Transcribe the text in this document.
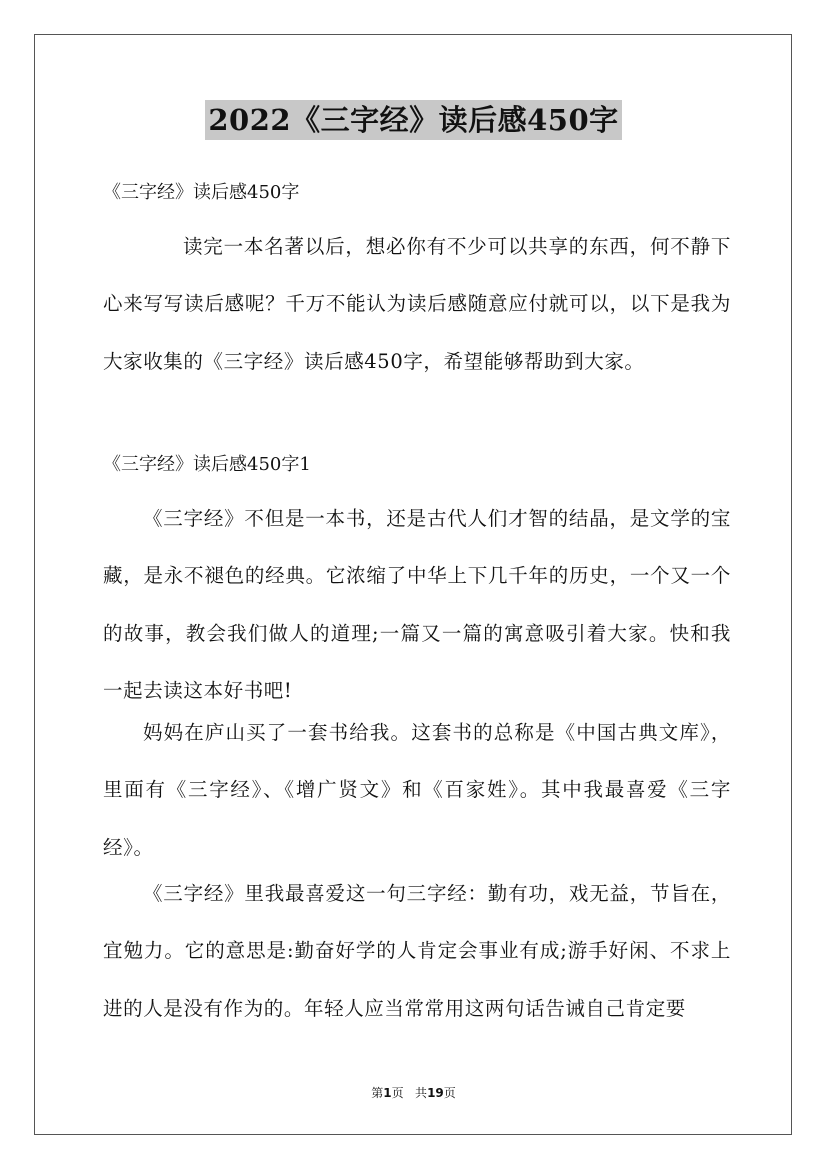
2022《三字经》读后感450字
《三字经》读后感450字

读完一本名著以后，想必你有不少可以共享的东西，何不静下心来写写读后感呢？千万不能认为读后感随意应付就可以，以下是我为大家收集的《三字经》读后感450字，希望能够帮助到大家。

《三字经》读后感450字1

《三字经》不但是一本书，还是古代人们才智的结晶，是文学的宝藏，是永不褪色的经典。它浓缩了中华上下几千年的历史，一个又一个的故事，教会我们做人的道理;一篇又一篇的寓意吸引着大家。快和我一起去读这本好书吧!

妈妈在庐山买了一套书给我。这套书的总称是《中国古典文库》，里面有《三字经》、《增广贤文》和《百家姓》。其中我最喜爱《三字经》。

《三字经》里我最喜爱这一句三字经：勤有功，戏无益，节旨在，宜勉力。它的意思是:勤奋好学的人肯定会事业有成;游手好闲、不求上进的人是没有作为的。年轻人应当常常用这两句话告诫自己肯定要

第1页 共19页
